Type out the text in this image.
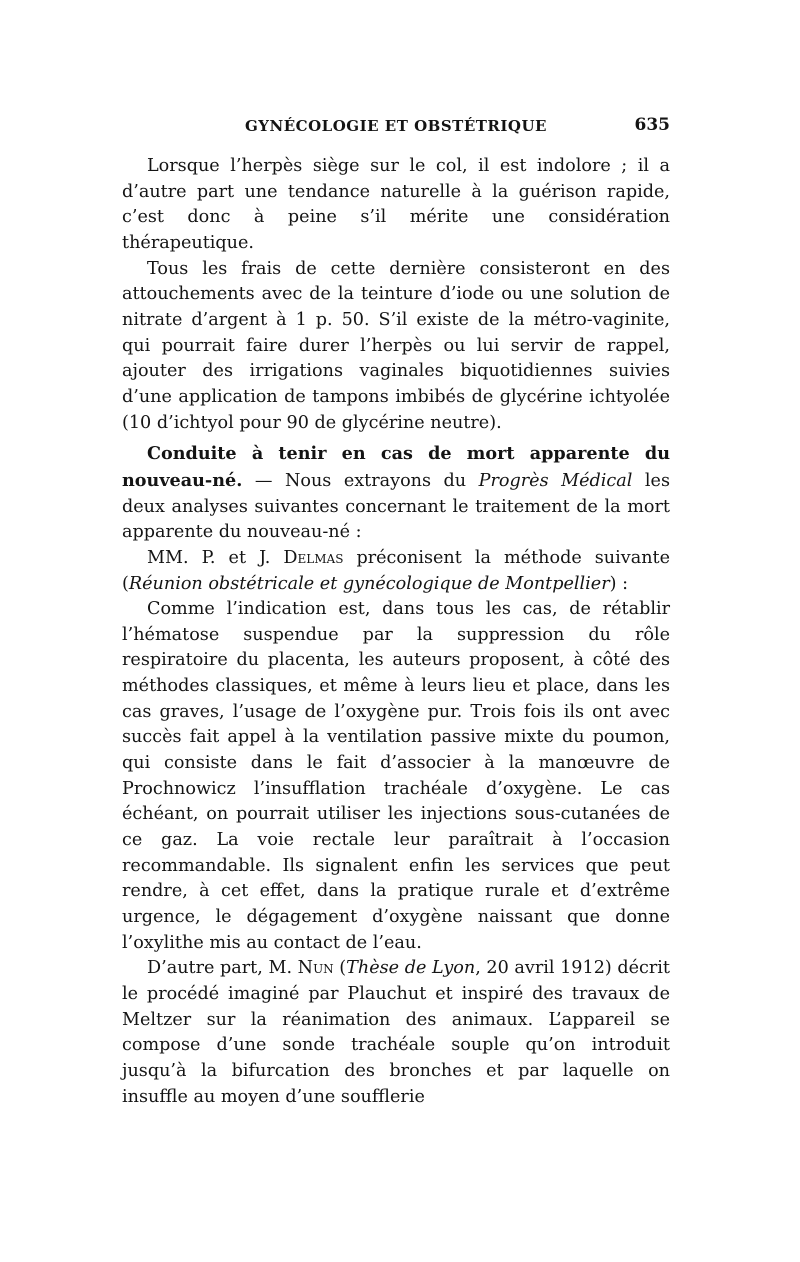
GYNÉCOLOGIE ET OBSTÉTRIQUE	635

Lorsque l’herpès siège sur le col, il est indolore ; il a d’autre part une tendance naturelle à la guérison rapide, c’est donc à peine s’il mérite une considération thérapeutique.

Tous les frais de cette dernière consisteront en des attouchements avec de la teinture d’iode ou une solution de nitrate d’argent à 1 p. 50. S’il existe de la métro-vaginite, qui pourrait faire durer l’herpès ou lui servir de rappel, ajouter des irrigations vaginales biquotidiennes suivies d’une application de tampons imbibés de glycérine ichtyolée (10 d’ichtyol pour 90 de glycérine neutre).

Conduite à tenir en cas de mort apparente du nouveau-né. — Nous extrayons du Progrès Médical les deux analyses suivantes concernant le traitement de la mort apparente du nouveau-né :

MM. P. et J. Delmas préconisent la méthode suivante (Réunion obstétricale et gynécologique de Montpellier) :

Comme l’indication est, dans tous les cas, de rétablir l’hématose suspendue par la suppression du rôle respiratoire du placenta, les auteurs proposent, à côté des méthodes classiques, et même à leurs lieu et place, dans les cas graves, l’usage de l’oxygène pur. Trois fois ils ont avec succès fait appel à la ventilation passive mixte du poumon, qui consiste dans le fait d’associer à la manœuvre de Prochnowicz l’insufflation trachéale d’oxygène. Le cas échéant, on pourrait utiliser les injections sous-cutanées de ce gaz. La voie rectale leur paraîtrait à l’occasion recommandable. Ils signalent enfin les services que peut rendre, à cet effet, dans la pratique rurale et d’extrême urgence, le dégagement d’oxygène naissant que donne l’oxylithe mis au contact de l’eau.

D’autre part, M. Nun (Thèse de Lyon, 20 avril 1912) décrit le procédé imaginé par Plauchut et inspiré des travaux de Meltzer sur la réanimation des animaux. L’appareil se compose d’une sonde trachéale souple qu’on introduit jusqu’à la bifurcation des bronches et par laquelle on insuffle au moyen d’une soufflerie
